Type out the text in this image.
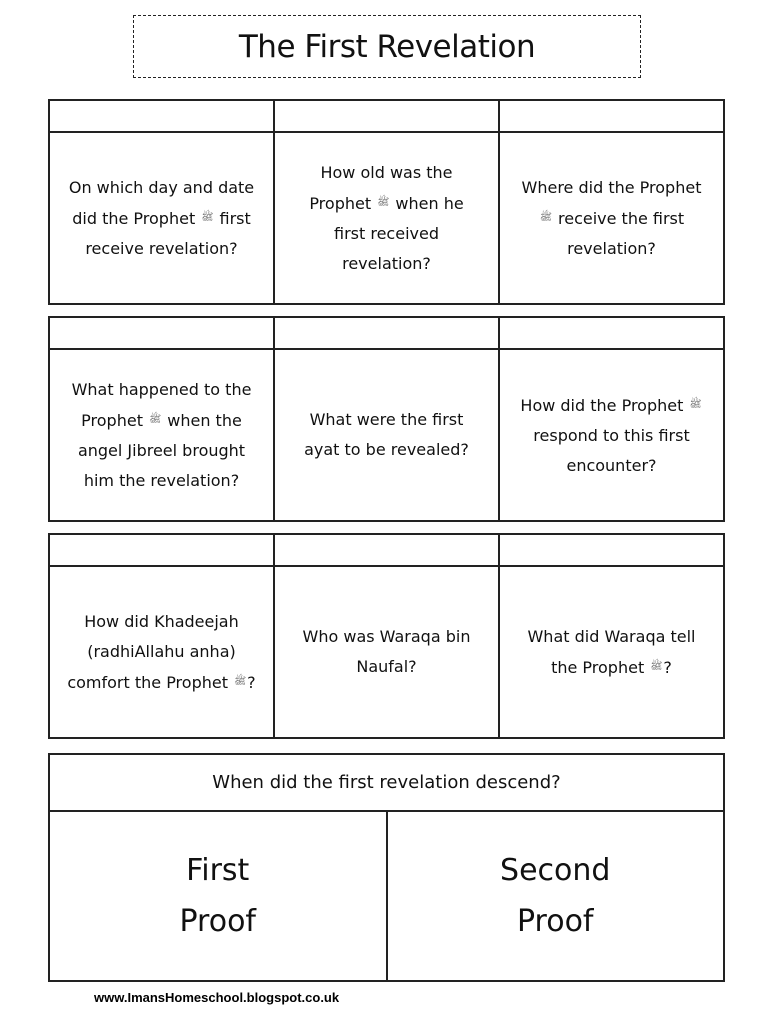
The First Revelation
On which day and date did the Prophet ﷺ first receive revelation?
How old was the Prophet ﷺ when he first received revelation?
Where did the Prophet ﷺ receive the first revelation?
What happened to the Prophet ﷺ when the angel Jibreel brought him the revelation?
What were the first ayat to be revealed?
How did the Prophet ﷺ respond to this first encounter?
How did Khadeejah (radhiAllahu anha) comfort the Prophet ﷺ?
Who was Waraqa bin Naufal?
What did Waraqa tell the Prophet ﷺ?
When did the first revelation descend?
First Proof
Second Proof
www.ImansHomeschool.blogspot.co.uk
